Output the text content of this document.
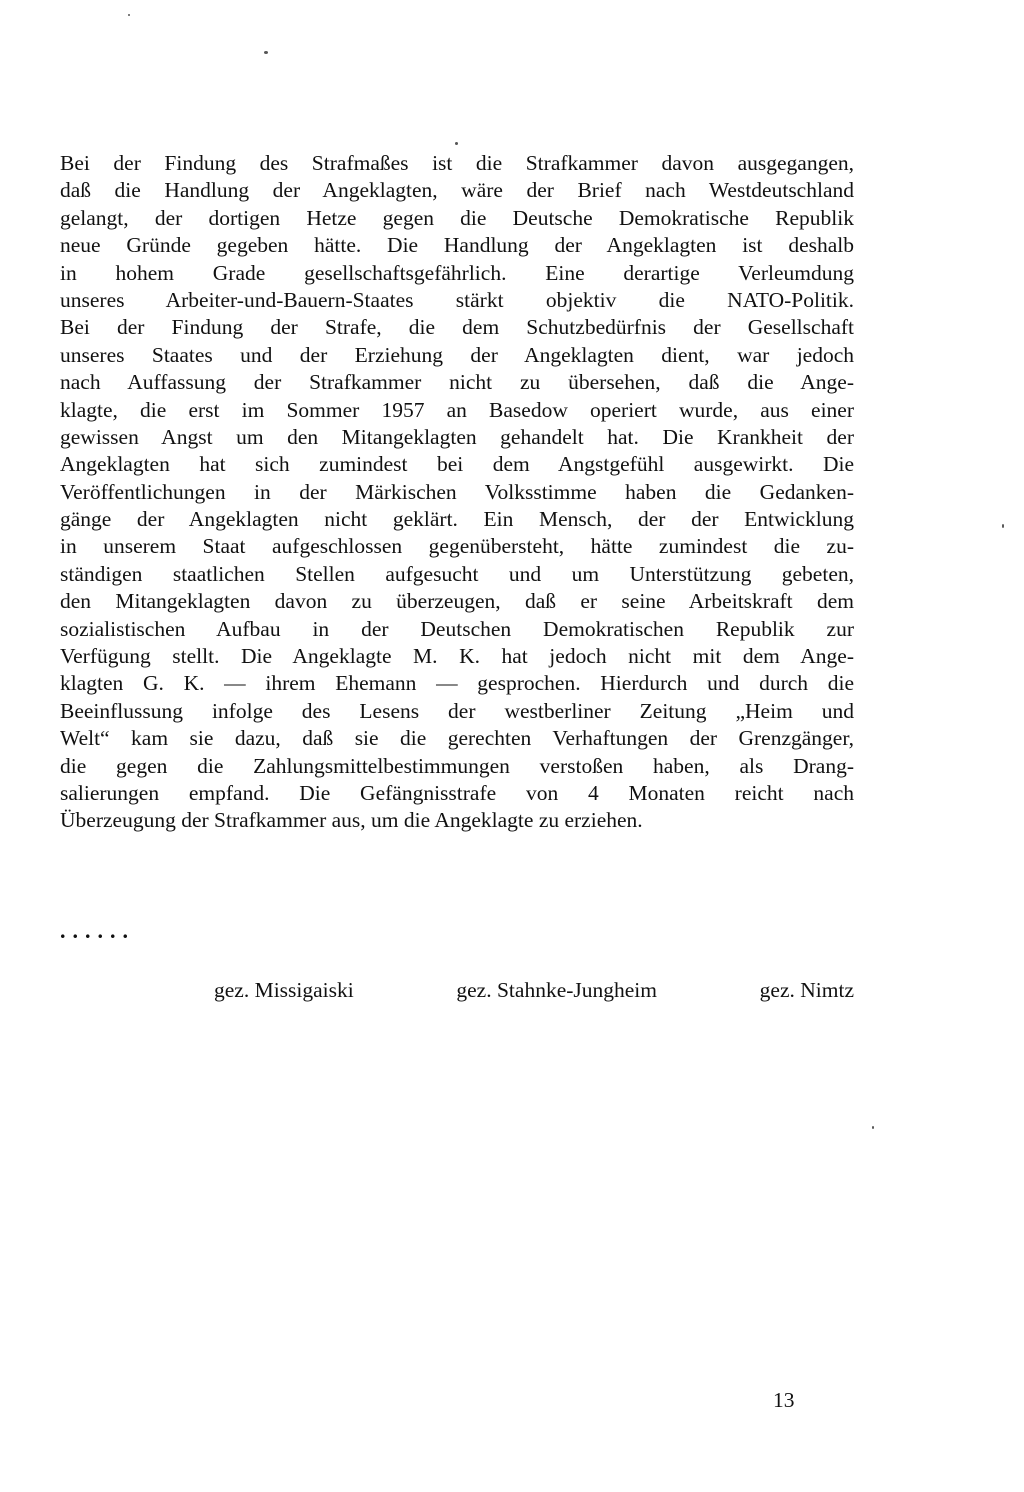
Bei der Findung des Strafmaßes ist die Strafkammer davon ausgegangen,
daß die Handlung der Angeklagten, wäre der Brief nach Westdeutschland
gelangt, der dortigen Hetze gegen die Deutsche Demokratische Republik
neue Gründe gegeben hätte. Die Handlung der Angeklagten ist deshalb
in hohem Grade gesellschaftsgefährlich. Eine derartige Verleumdung
unseres Arbeiter-und-Bauern-Staates stärkt objektiv die NATO-Politik.
Bei der Findung der Strafe, die dem Schutzbedürfnis der Gesellschaft
unseres Staates und der Erziehung der Angeklagten dient, war jedoch
nach Auffassung der Strafkammer nicht zu übersehen, daß die Ange-
klagte, die erst im Sommer 1957 an Basedow operiert wurde, aus einer
gewissen Angst um den Mitangeklagten gehandelt hat. Die Krankheit der
Angeklagten hat sich zumindest bei dem Angstgefühl ausgewirkt. Die
Veröffentlichungen in der Märkischen Volksstimme haben die Gedanken-
gänge der Angeklagten nicht geklärt. Ein Mensch, der der Entwicklung
in unserem Staat aufgeschlossen gegenübersteht, hätte zumindest die zu-
ständigen staatlichen Stellen aufgesucht und um Unterstützung gebeten,
den Mitangeklagten davon zu überzeugen, daß er seine Arbeitskraft dem
sozialistischen Aufbau in der Deutschen Demokratischen Republik zur
Verfügung stellt. Die Angeklagte M. K. hat jedoch nicht mit dem Ange-
klagten G. K. — ihrem Ehemann — gesprochen. Hierdurch und durch die
Beeinflussung infolge des Lesens der westberliner Zeitung „Heim und
Welt“ kam sie dazu, daß sie die gerechten Verhaftungen der Grenzgänger,
die gegen die Zahlungsmittelbestimmungen verstoßen haben, als Drang-
salierungen empfand. Die Gefängnisstrafe von 4 Monaten reicht nach
Überzeugung der Strafkammer aus, um die Angeklagte zu erziehen.
......
gez. Missigaiski	gez. Stahnke-Jungheim	gez. Nimtz
13
